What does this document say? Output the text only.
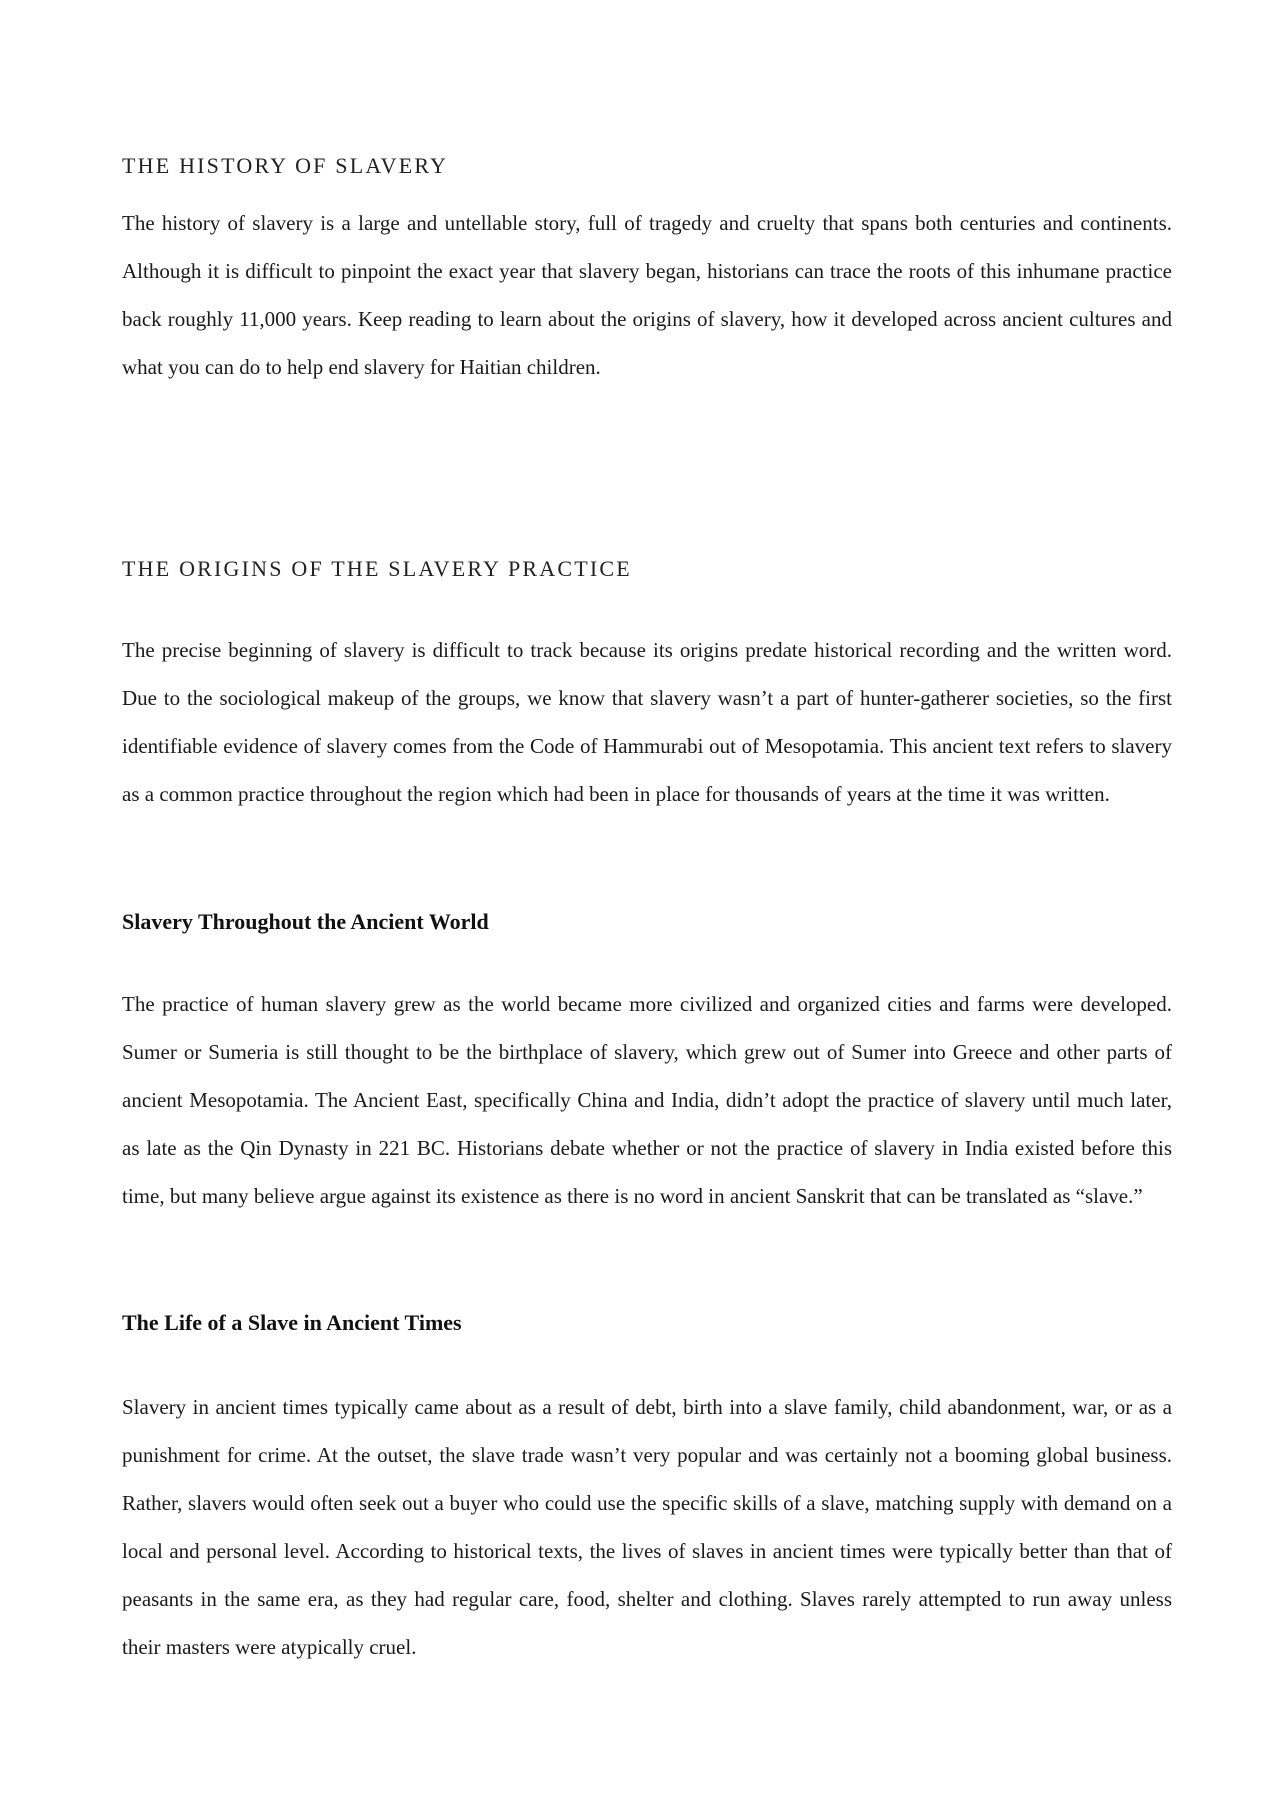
THE HISTORY OF SLAVERY

The history of slavery is a large and untellable story, full of tragedy and cruelty that spans both centuries and continents. Although it is difficult to pinpoint the exact year that slavery began, historians can trace the roots of this inhumane practice back roughly 11,000 years. Keep reading to learn about the origins of slavery, how it developed across ancient cultures and what you can do to help end slavery for Haitian children.

THE ORIGINS OF THE SLAVERY PRACTICE

The precise beginning of slavery is difficult to track because its origins predate historical recording and the written word. Due to the sociological makeup of the groups, we know that slavery wasn’t a part of hunter-gatherer societies, so the first identifiable evidence of slavery comes from the Code of Hammurabi out of Mesopotamia. This ancient text refers to slavery as a common practice throughout the region which had been in place for thousands of years at the time it was written.

Slavery Throughout the Ancient World

The practice of human slavery grew as the world became more civilized and organized cities and farms were developed. Sumer or Sumeria is still thought to be the birthplace of slavery, which grew out of Sumer into Greece and other parts of ancient Mesopotamia. The Ancient East, specifically China and India, didn’t adopt the practice of slavery until much later, as late as the Qin Dynasty in 221 BC. Historians debate whether or not the practice of slavery in India existed before this time, but many believe argue against its existence as there is no word in ancient Sanskrit that can be translated as “slave.”

The Life of a Slave in Ancient Times

Slavery in ancient times typically came about as a result of debt, birth into a slave family, child abandonment, war, or as a punishment for crime. At the outset, the slave trade wasn’t very popular and was certainly not a booming global business. Rather, slavers would often seek out a buyer who could use the specific skills of a slave, matching supply with demand on a local and personal level. According to historical texts, the lives of slaves in ancient times were typically better than that of peasants in the same era, as they had regular care, food, shelter and clothing. Slaves rarely attempted to run away unless their masters were atypically cruel.
